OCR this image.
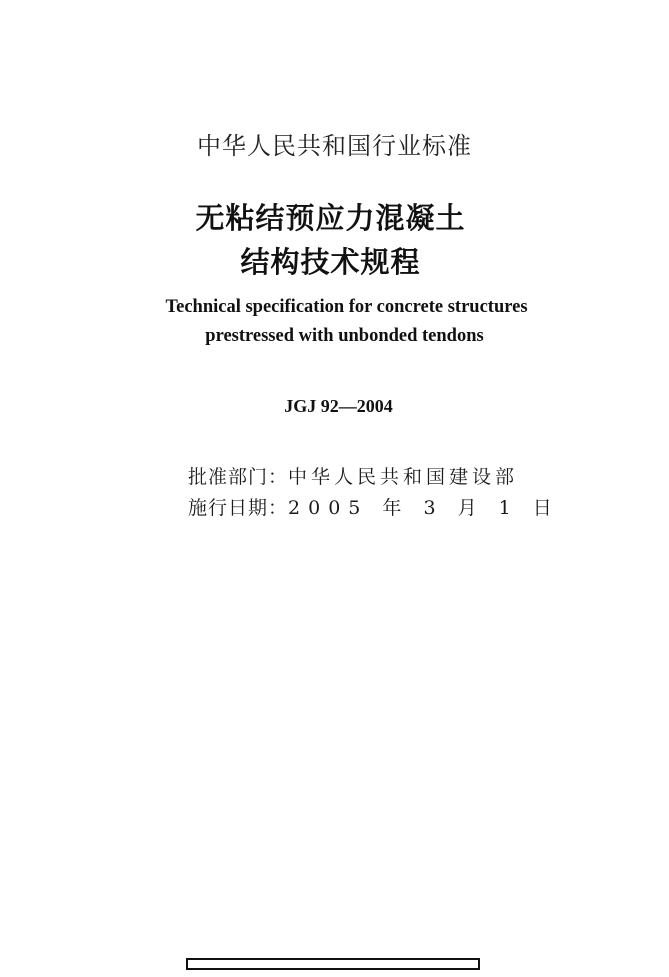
中华人民共和国行业标准
无粘结预应力混凝土
结构技术规程
Technical specification for concrete structures
prestressed with unbonded tendons
JGJ 92—2004
批准部门：中华人民共和国建设部
施行日期：2005 年 3 月 1 日
